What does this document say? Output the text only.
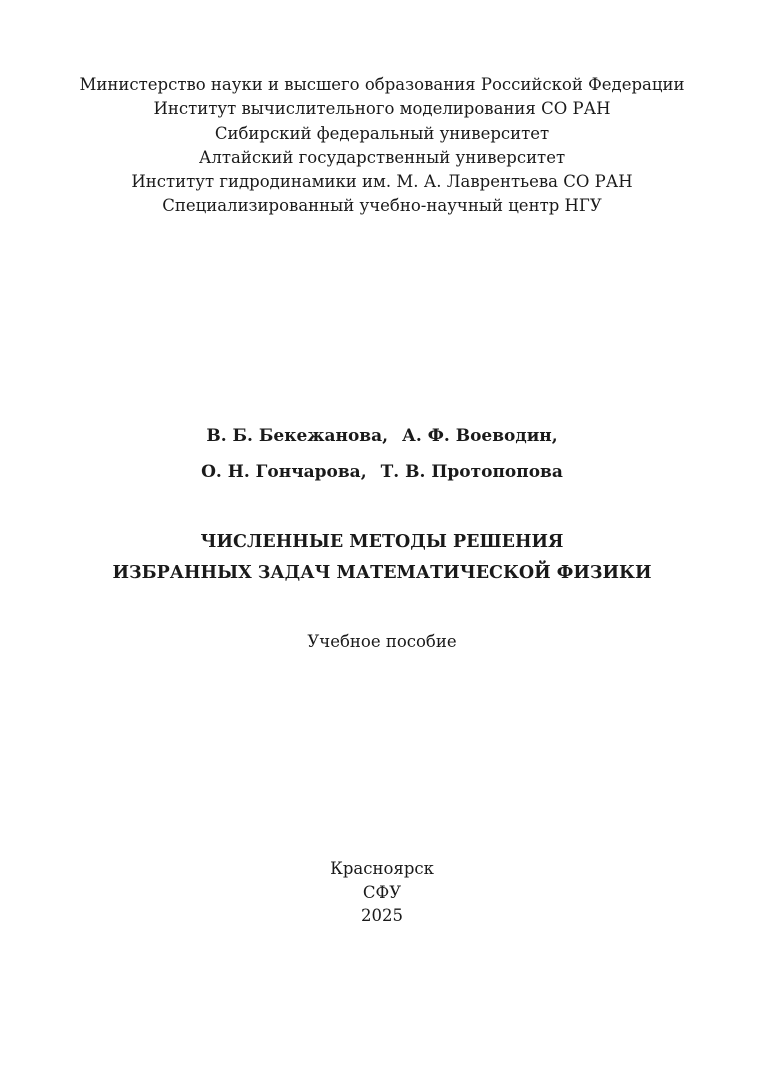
Министерство науки и высшего образования Российской Федерации
Институт вычислительного моделирования СО РАН
Сибирский федеральный университет
Алтайский государственный университет
Институт гидродинамики им. М. А. Лаврентьева СО РАН
Специализированный учебно-научный центр НГУ
В. Б. Бекежанова, А. Ф. Воеводин,
О. Н. Гончарова, Т. В. Протопопова
ЧИСЛЕННЫЕ МЕТОДЫ РЕШЕНИЯ
ИЗБРАННЫХ ЗАДАЧ МАТЕМАТИЧЕСКОЙ ФИЗИКИ
Учебное пособие
Красноярск
СФУ
2025
